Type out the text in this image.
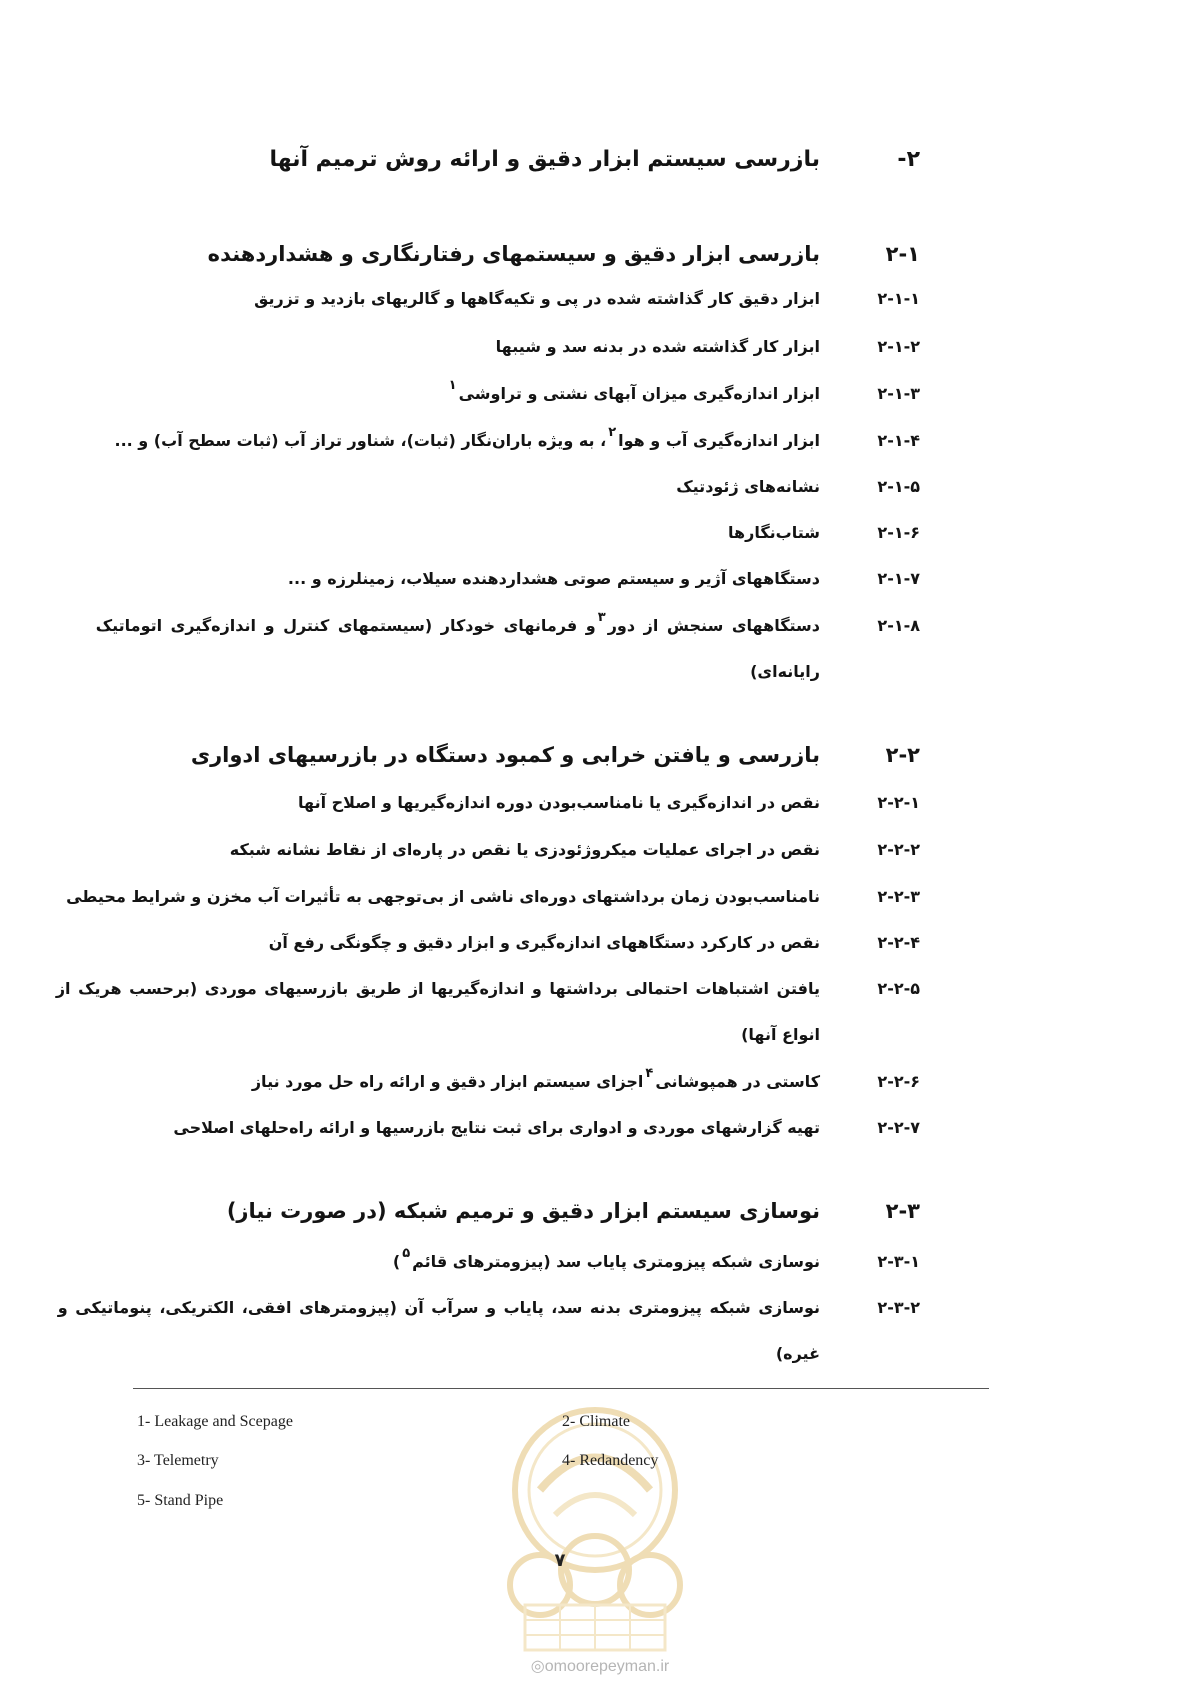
۲-
بازرسی سیستم ابزار دقیق و ارائه روش ترمیم آنها
۲-۱
بازرسی ابزار دقیق و سیستمهای رفتارنگاری و هشداردهنده
۲-۱-۱
ابزار دقیق کار گذاشته شده در پی و تکیه‌گاهها و گالریهای بازدید و تزریق
۲-۱-۲
ابزار کار گذاشته شده در بدنه سد و شیبها
۲-۱-۳
ابزار اندازه‌گیری میزان آبهای نشتی و تراوشی$^۱$
۲-۱-۴
ابزار اندازه‌گیری آب و هوا$^۲$، به ویژه باران‌نگار (ثبات)، شناور تراز آب (ثبات سطح آب) و ...
۲-۱-۵
نشانه‌های ژئودتیک
۲-۱-۶
شتاب‌نگارها
۲-۱-۷
دستگاههای آژیر و سیستم صوتی هشداردهنده سیلاب، زمینلرزه و ...
۲-۱-۸
دستگاههای سنجش از دور$^۳$و فرمانهای خودکار (سیستمهای کنترل و اندازه‌گیری اتوماتیک
رایانه‌ای)
۲-۲
بازرسی و یافتن خرابی و کمبود دستگاه در بازرسیهای ادواری
۲-۲-۱
نقص در اندازه‌گیری یا نامناسب‌بودن دوره اندازه‌گیریها و اصلاح آنها
۲-۲-۲
نقص در اجرای عملیات میکروژئودزی یا نقص در پاره‌ای از نقاط نشانه شبکه
۲-۲-۳
نامناسب‌بودن زمان برداشتهای دوره‌ای ناشی از بی‌توجهی به تأثیرات آب مخزن و شرایط محیطی
۲-۲-۴
نقص در کارکرد دستگاههای اندازه‌گیری و ابزار دقیق و چگونگی رفع آن
۲-۲-۵
یافتن اشتباهات احتمالی برداشتها و اندازه‌گیریها از طریق بازرسیهای موردی (برحسب هریک از
انواع آنها)
۲-۲-۶
کاستی در همپوشانی$^۴$اجزای سیستم ابزار دقیق و ارائه راه حل مورد نیاز
۲-۲-۷
تهیه گزارشهای موردی و ادواری برای ثبت نتایج بازرسیها و ارائه راه‌حلهای اصلاحی
۲-۳
نوسازی سیستم ابزار دقیق و ترمیم شبکه (در صورت نیاز)
۲-۳-۱
نوسازی شبکه پیزومتری پایاب سد (پیزومترهای قائم$^۵$)
۲-۳-۲
نوسازی شبکه پیزومتری بدنه سد، پایاب و سرآب آن (پیزومترهای افقی، الکتریکی، پنوماتیکی و
غیره)
1- Leakage and Scepage	2- Climate
3- Telemetry	4- Redandency
5- Stand Pipe
۷
◎omoorepeyman.ir
